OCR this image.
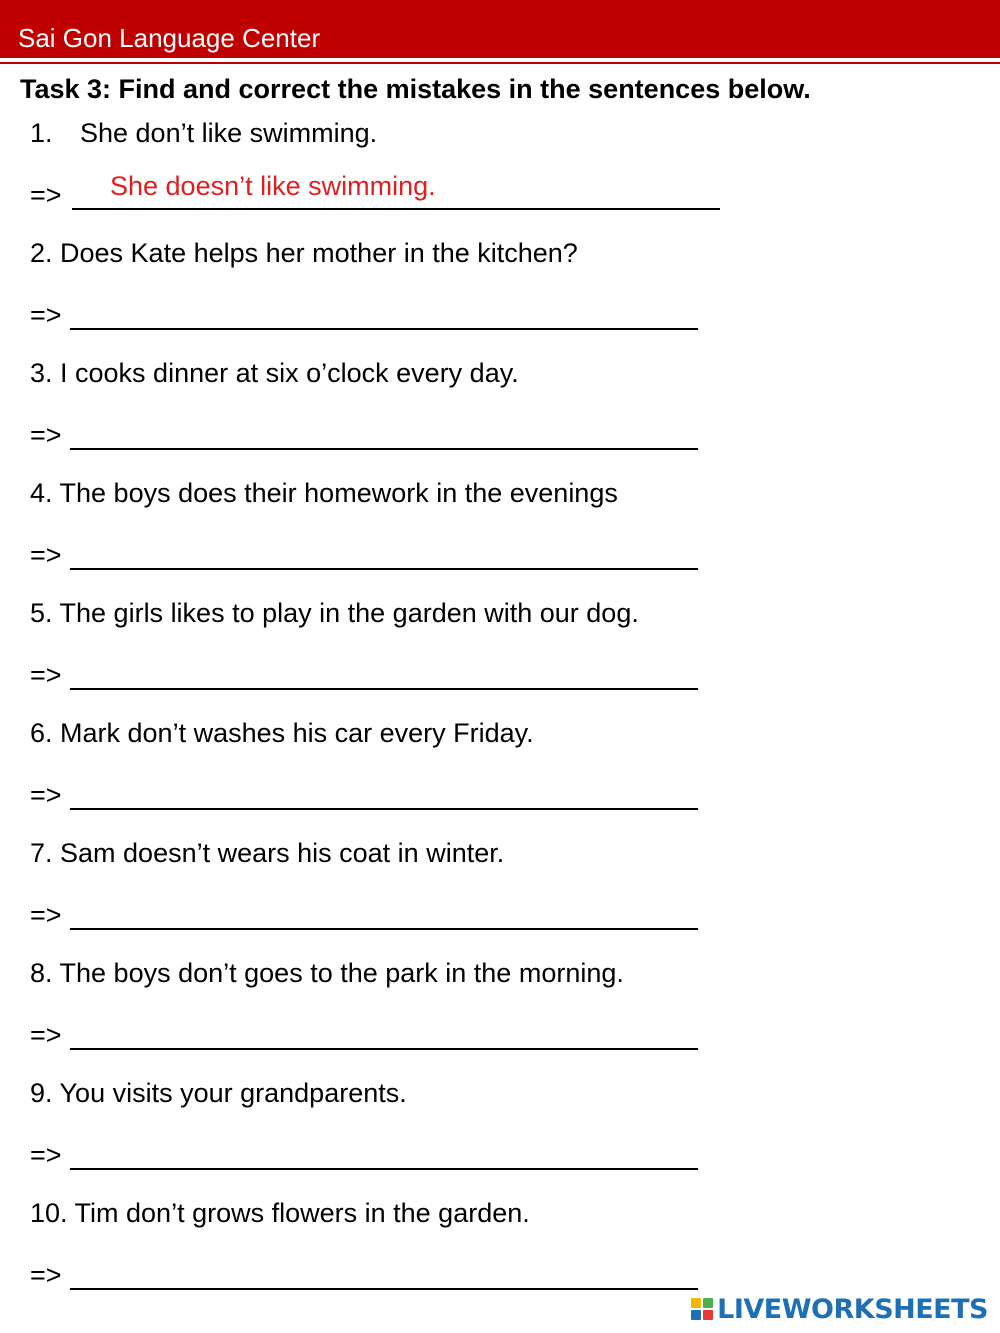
Sai Gon Language Center
Task 3: Find and correct the mistakes in the sentences below.
1. She don’t like swimming.
=> She doesn’t like swimming.
2. Does Kate helps her mother in the kitchen?
=>
3. I cooks dinner at six o’clock every day.
=>
4. The boys does their homework in the evenings
=>
5. The girls likes to play in the garden with our dog.
=>
6. Mark don’t washes his car every Friday.
=>
7. Sam doesn’t wears his coat in winter.
=>
8. The boys don’t goes to the park in the morning.
=>
9. You visits your grandparents.
=>
10. Tim don’t grows flowers in the garden.
=>
LIVEWORKSHEETS
